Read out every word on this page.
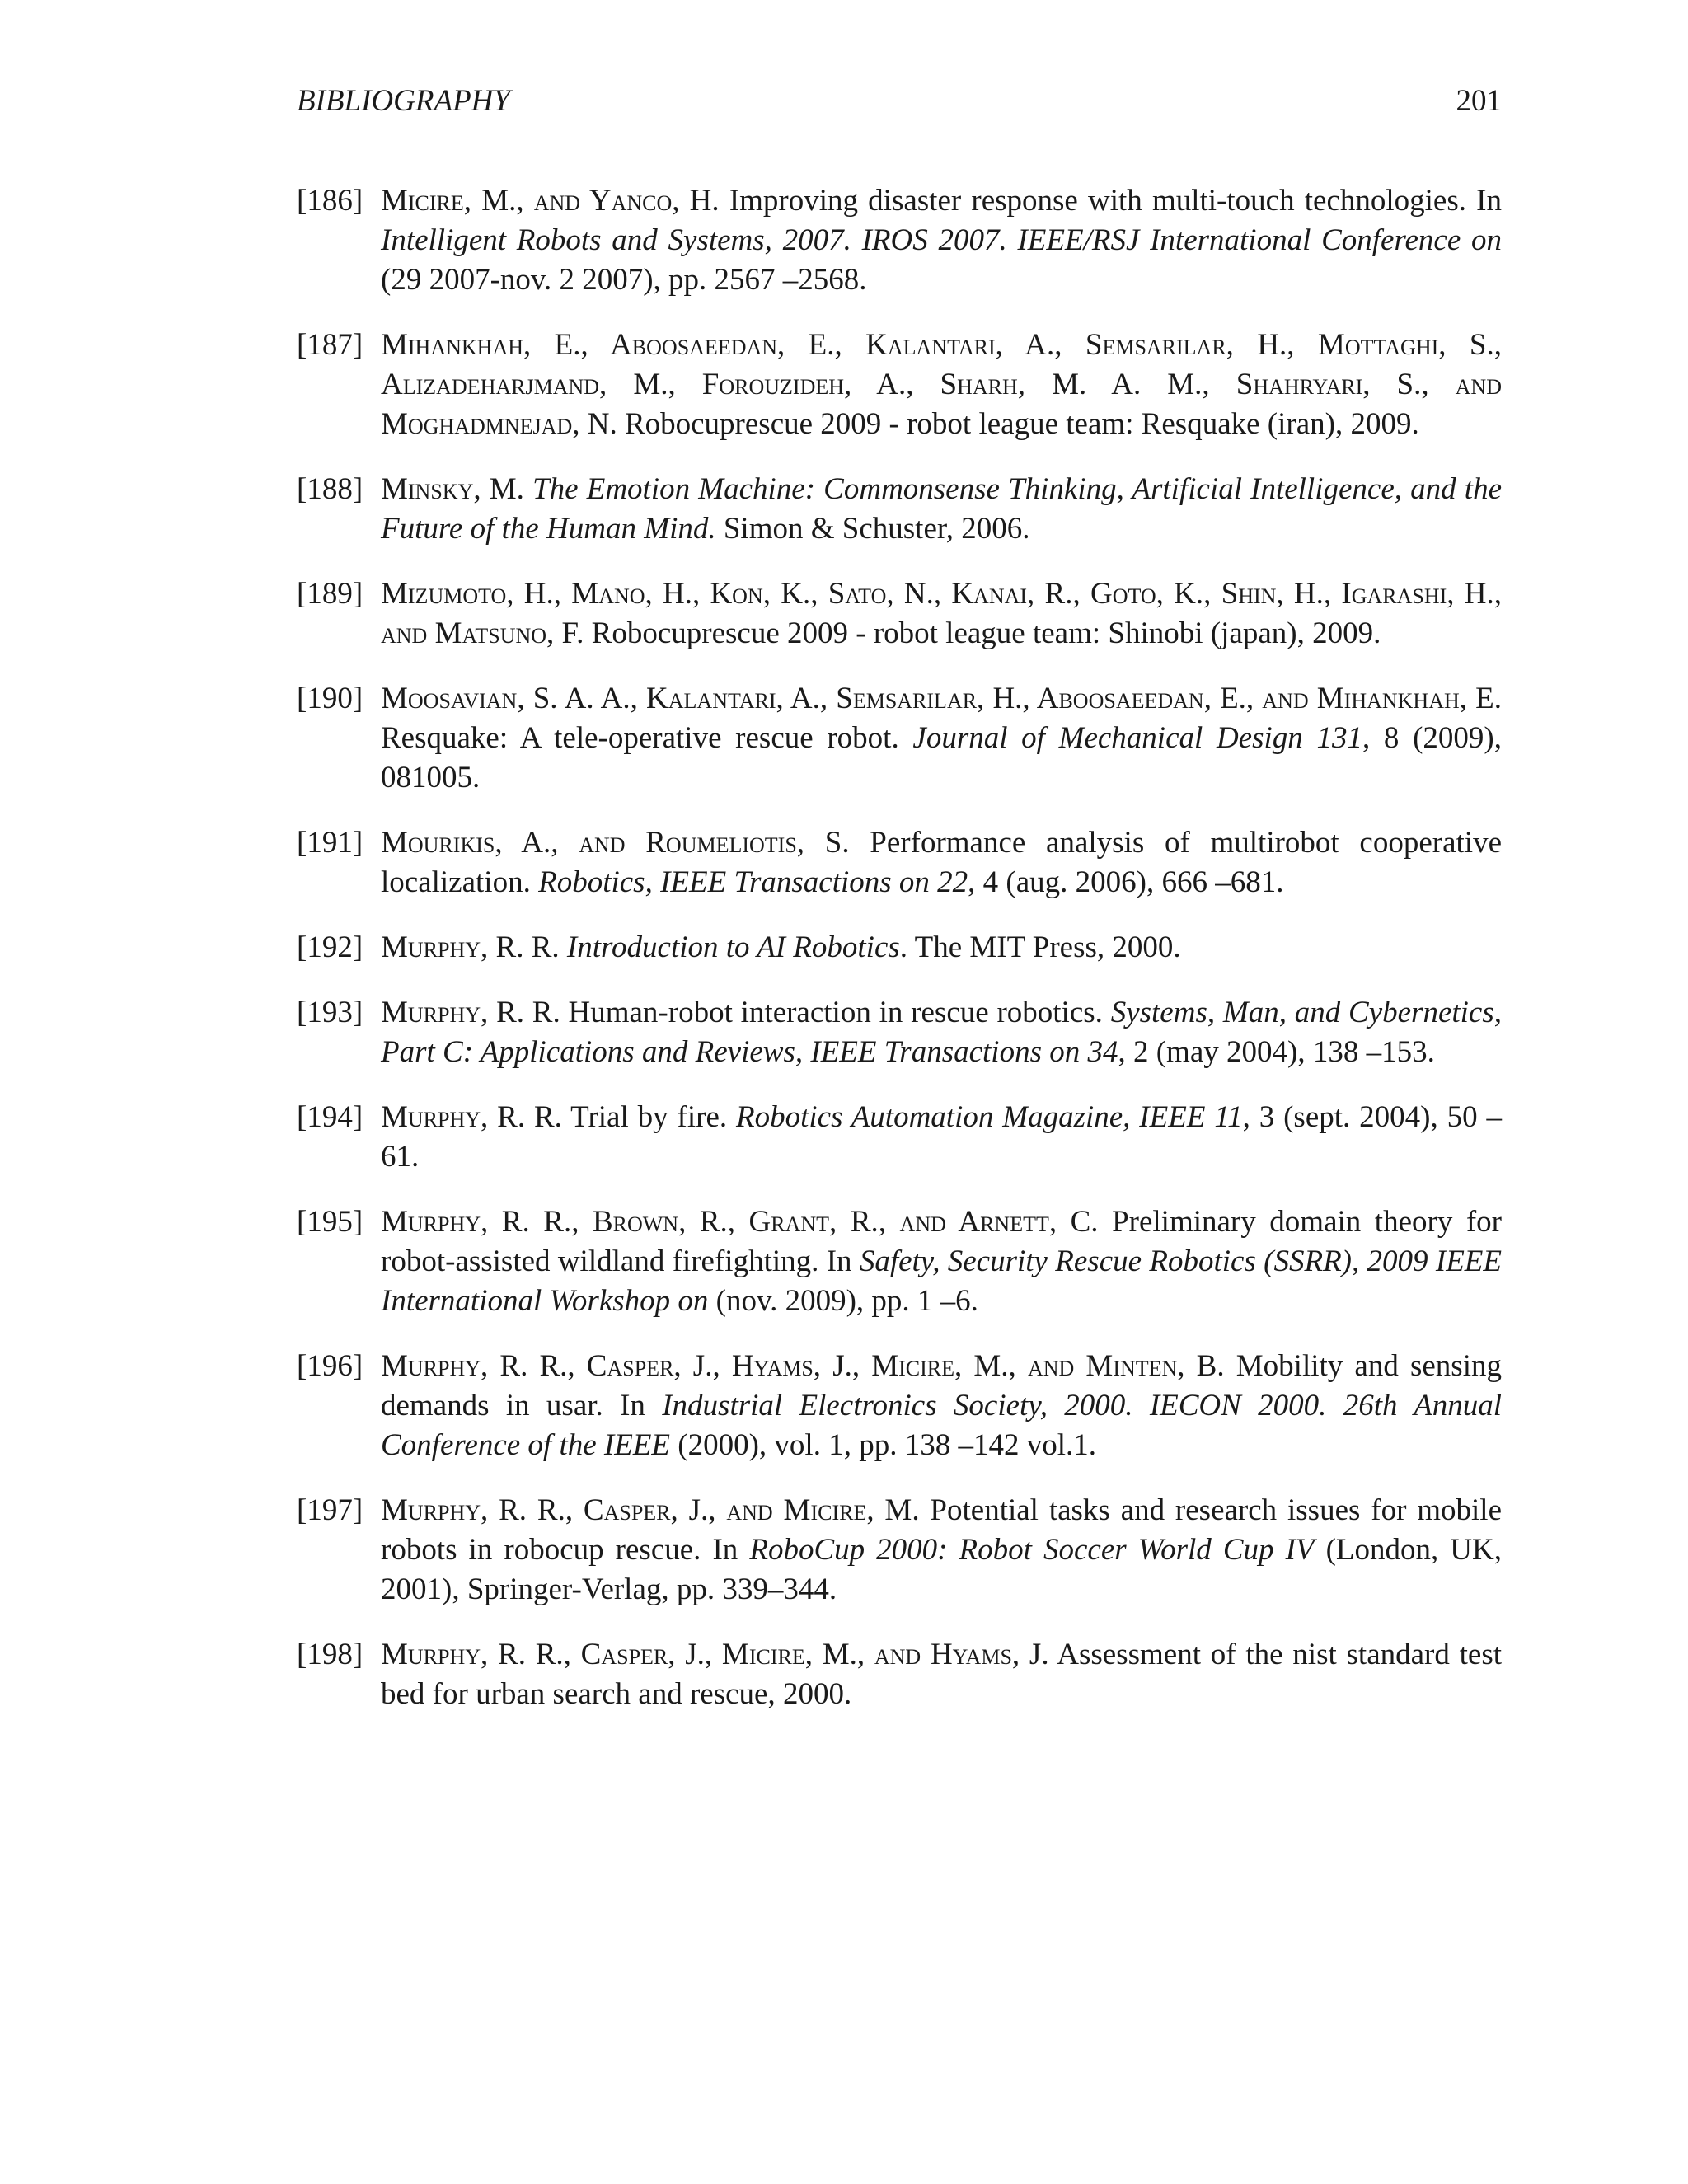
BIBLIOGRAPHY	201
[186] Micire, M., and Yanco, H. Improving disaster response with multi-touch technologies. In Intelligent Robots and Systems, 2007. IROS 2007. IEEE/RSJ International Conference on (29 2007-nov. 2 2007), pp. 2567 –2568.
[187] Mihankhah, E., Aboosaeedan, E., Kalantari, A., Semsarilar, H., Mottaghi, S., Alizadeharjmand, M., Forouzideh, A., Sharh, M. A. M., Shahryari, S., and Moghadmnejad, N. Robocuprescue 2009 - robot league team: Resquake (iran), 2009.
[188] Minsky, M. The Emotion Machine: Commonsense Thinking, Artificial Intelligence, and the Future of the Human Mind. Simon & Schuster, 2006.
[189] Mizumoto, H., Mano, H., Kon, K., Sato, N., Kanai, R., Goto, K., Shin, H., Igarashi, H., and Matsuno, F. Robocuprescue 2009 - robot league team: Shinobi (japan), 2009.
[190] Moosavian, S. A. A., Kalantari, A., Semsarilar, H., Aboosaeedan, E., and Mihankhah, E. Resquake: A tele-operative rescue robot. Journal of Mechanical Design 131, 8 (2009), 081005.
[191] Mourikis, A., and Roumeliotis, S. Performance analysis of multirobot cooperative localization. Robotics, IEEE Transactions on 22, 4 (aug. 2006), 666 –681.
[192] Murphy, R. R. Introduction to AI Robotics. The MIT Press, 2000.
[193] Murphy, R. R. Human-robot interaction in rescue robotics. Systems, Man, and Cybernetics, Part C: Applications and Reviews, IEEE Transactions on 34, 2 (may 2004), 138 –153.
[194] Murphy, R. R. Trial by fire. Robotics Automation Magazine, IEEE 11, 3 (sept. 2004), 50 – 61.
[195] Murphy, R. R., Brown, R., Grant, R., and Arnett, C. Preliminary domain theory for robot-assisted wildland firefighting. In Safety, Security Rescue Robotics (SSRR), 2009 IEEE International Workshop on (nov. 2009), pp. 1 –6.
[196] Murphy, R. R., Casper, J., Hyams, J., Micire, M., and Minten, B. Mobility and sensing demands in usar. In Industrial Electronics Society, 2000. IECON 2000. 26th Annual Conference of the IEEE (2000), vol. 1, pp. 138 –142 vol.1.
[197] Murphy, R. R., Casper, J., and Micire, M. Potential tasks and research issues for mobile robots in robocup rescue. In RoboCup 2000: Robot Soccer World Cup IV (London, UK, 2001), Springer-Verlag, pp. 339–344.
[198] Murphy, R. R., Casper, J., Micire, M., and Hyams, J. Assessment of the nist standard test bed for urban search and rescue, 2000.
